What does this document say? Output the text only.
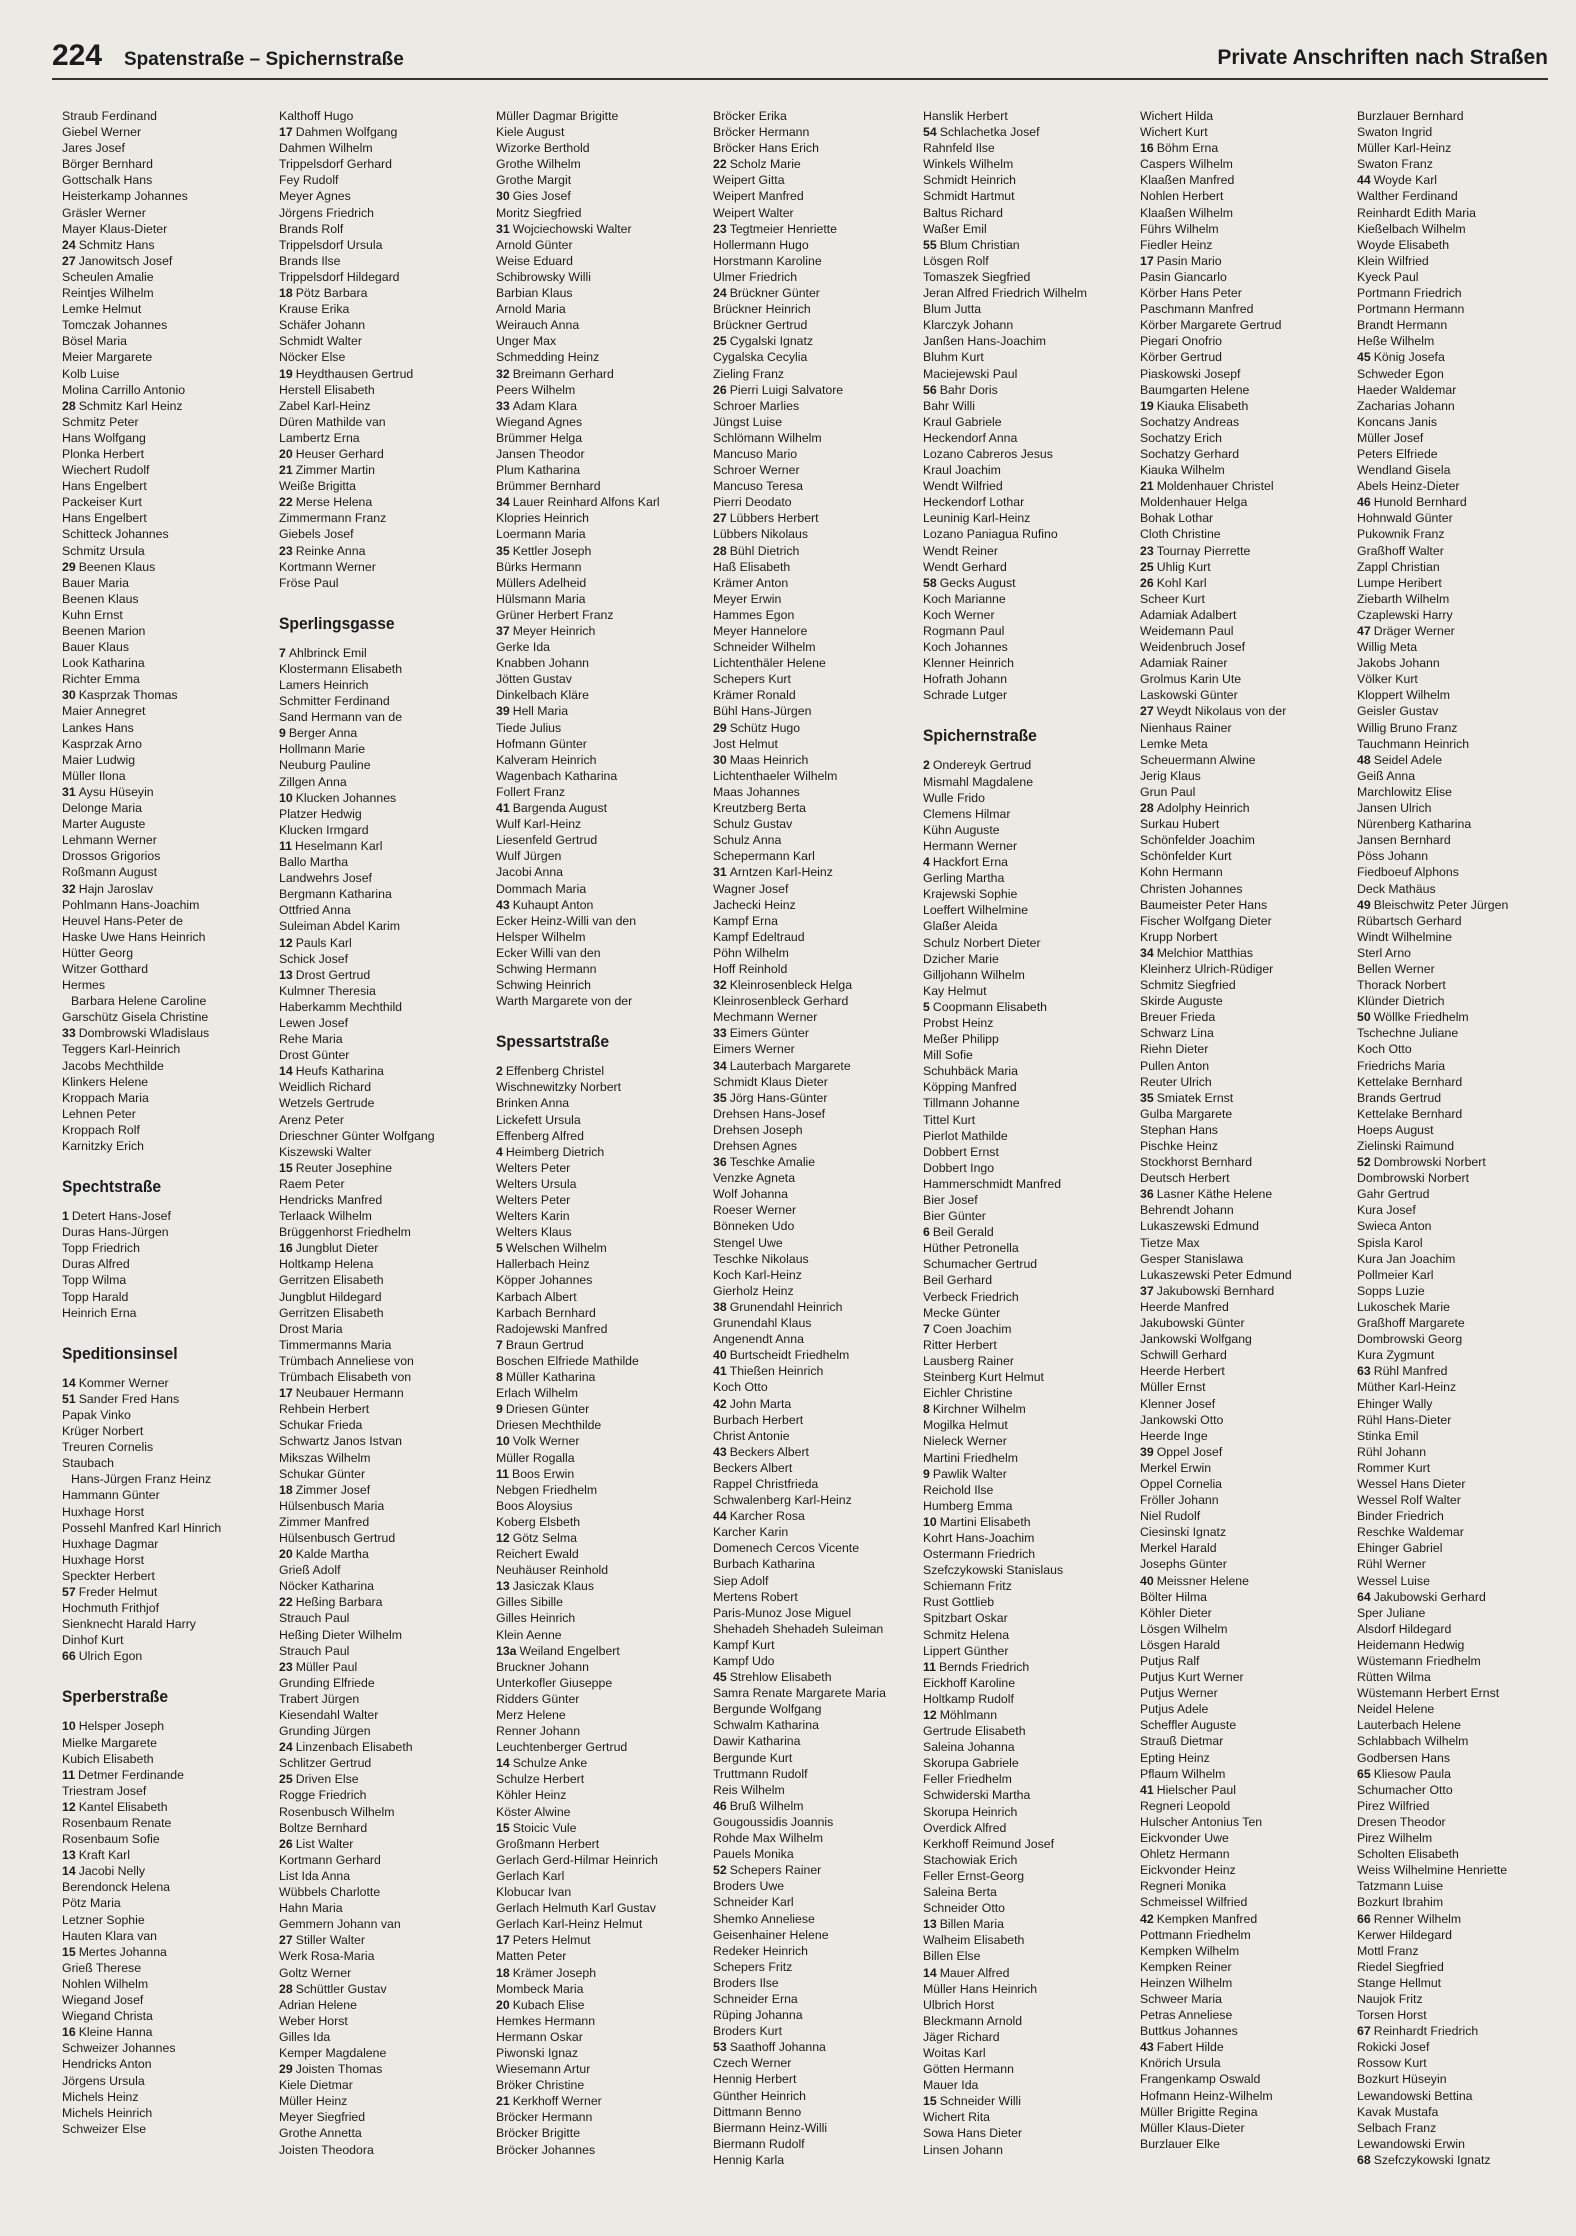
224 Spatenstraße – Spichernstraße	Private Anschriften nach Straßen
Straub Ferdinand
Giebel Werner
Jares Josef
Börger Bernhard
Gottschalk Hans
Heisterkamp Johannes
Gräsler Werner
Mayer Klaus-Dieter
24 Schmitz Hans
27 Janowitsch Josef
Scheulen Amalie
Reintjes Wilhelm
Lemke Helmut
Tomczak Johannes
Bösel Maria
Meier Margarete
Kolb Luise
Molina Carrillo Antonio
28 Schmitz Karl Heinz
Schmitz Peter
Hans Wolfgang
Plonka Herbert
Wiechert Rudolf
Hans Engelbert
Packeiser Kurt
Hans Engelbert
Schitteck Johannes
Schmitz Ursula
29 Beenen Klaus
Bauer Maria
Beenen Klaus
Kuhn Ernst
Beenen Marion
Bauer Klaus
Look Katharina
Richter Emma
30 Kasprzak Thomas
Maier Annegret
Lankes Hans
Kasprzak Arno
Maier Ludwig
Müller Ilona
31 Aysu Hüseyin
Delonge Maria
Marter Auguste
Lehmann Werner
Drossos Grigorios
Roßmann August
32 Hajn Jaroslav
Pohlmann Hans-Joachim
Heuvel Hans-Peter de
Haske Uwe Hans Heinrich
Hütter Georg
Witzer Gotthard
Hermes
Barbara Helene Caroline
Garschütz Gisela Christine
33 Dombrowski Wladislaus
Teggers Karl-Heinrich
Jacobs Mechthilde
Klinkers Helene
Kroppach Maria
Lehnen Peter
Kroppach Rolf
Karnitzky Erich
Spechtstraße
1 Detert Hans-Josef
Duras Hans-Jürgen
Topp Friedrich
Duras Alfred
Topp Wilma
Topp Harald
Heinrich Erna
Speditionsinsel
14 Kommer Werner
51 Sander Fred Hans
Papak Vinko
Krüger Norbert
Treuren Cornelis
Staubach
Hans-Jürgen Franz Heinz
Hammann Günter
Huxhage Horst
Possehl Manfred Karl Hinrich
Huxhage Dagmar
Huxhage Horst
Speckter Herbert
57 Freder Helmut
Hochmuth Frithjof
Sienknecht Harald Harry
Dinhof Kurt
66 Ulrich Egon
Sperberstraße
10 Helsper Joseph
Mielke Margarete
Kubich Elisabeth
11 Detmer Ferdinande
Triestram Josef
12 Kantel Elisabeth
Rosenbaum Renate
Rosenbaum Sofie
13 Kraft Karl
14 Jacobi Nelly
Berendonck Helena
Pötz Maria
Letzner Sophie
Hauten Klara van
15 Mertes Johanna
Grieß Therese
Nohlen Wilhelm
Wiegand Josef
Wiegand Christa
16 Kleine Hanna
Schweizer Johannes
Hendricks Anton
Jörgens Ursula
Michels Heinz
Michels Heinrich
Schweizer Else
Kalthoff Hugo
17 Dahmen Wolfgang
Dahmen Wilhelm
Trippelsdorf Gerhard
Fey Rudolf
Meyer Agnes
Jörgens Friedrich
Brands Rolf
Trippelsdorf Ursula
Brands Ilse
Trippelsdorf Hildegard
18 Pötz Barbara
Krause Erika
Schäfer Johann
Schmidt Walter
Nöcker Else
19 Heydthausen Gertrud
Herstell Elisabeth
Zabel Karl-Heinz
Düren Mathilde van
Lambertz Erna
20 Heuser Gerhard
21 Zimmer Martin
Weiße Brigitta
22 Merse Helena
Zimmermann Franz
Giebels Josef
23 Reinke Anna
Kortmann Werner
Fröse Paul
Sperlingsgasse
7 Ahlbrinck Emil
Klostermann Elisabeth
Lamers Heinrich
Schmitter Ferdinand
Sand Hermann van de
9 Berger Anna
Hollmann Marie
Neuburg Pauline
Zillgen Anna
10 Klucken Johannes
Platzer Hedwig
Klucken Irmgard
11 Heselmann Karl
Ballo Martha
Landwehrs Josef
Bergmann Katharina
Ottfried Anna
Suleiman Abdel Karim
12 Pauls Karl
Schick Josef
13 Drost Gertrud
Kulmner Theresia
Haberkamm Mechthild
Lewen Josef
Rehe Maria
Drost Günter
14 Heufs Katharina
Weidlich Richard
Wetzels Gertrude
Arenz Peter
Drieschner Günter Wolfgang
Kiszewski Walter
15 Reuter Josephine
Raem Peter
Hendricks Manfred
Terlaack Wilhelm
Brüggenhorst Friedhelm
16 Jungblut Dieter
Holtkamp Helena
Gerritzen Elisabeth
Jungblut Hildegard
Gerritzen Elisabeth
Drost Maria
Timmermanns Maria
Trümbach Anneliese von
Trümbach Elisabeth von
17 Neubauer Hermann
Rehbein Herbert
Schukar Frieda
Schwartz Janos Istvan
Mikszas Wilhelm
Schukar Günter
18 Zimmer Josef
Hülsenbusch Maria
Zimmer Manfred
Hülsenbusch Gertrud
20 Kalde Martha
Grieß Adolf
Nöcker Katharina
22 Heßing Barbara
Strauch Paul
Heßing Dieter Wilhelm
Strauch Paul
23 Müller Paul
Grunding Elfriede
Trabert Jürgen
Kiesendahl Walter
Grunding Jürgen
24 Linzenbach Elisabeth
Schlitzer Gertrud
25 Driven Else
Rogge Friedrich
Rosenbusch Wilhelm
Boltze Bernhard
26 List Walter
Kortmann Gerhard
List Ida Anna
Wübbels Charlotte
Hahn Maria
Gemmern Johann van
27 Stiller Walter
Werk Rosa-Maria
Goltz Werner
28 Schüttler Gustav
Adrian Helene
Weber Horst
Gilles Ida
Kemper Magdalene
29 Joisten Thomas
Kiele Dietmar
Müller Heinz
Meyer Siegfried
Grothe Annetta
Joisten Theodora
Müller Dagmar Brigitte
Kiele August
Wizorke Berthold
Grothe Wilhelm
Grothe Margit
30 Gies Josef
Moritz Siegfried
31 Wojciechowski Walter
Arnold Günter
Weise Eduard
Schibrowsky Willi
Barbian Klaus
Arnold Maria
Weirauch Anna
Unger Max
Schmedding Heinz
32 Breimann Gerhard
Peers Wilhelm
33 Adam Klara
Wiegand Agnes
Brümmer Helga
Jansen Theodor
Plum Katharina
Brümmer Bernhard
34 Lauer Reinhard Alfons Karl
Klopries Heinrich
Loermann Maria
35 Kettler Joseph
Bürks Hermann
Müllers Adelheid
Hülsmann Maria
Grüner Herbert Franz
37 Meyer Heinrich
Gerke Ida
Knabben Johann
Jötten Gustav
Dinkelbach Kläre
39 Hell Maria
Tiede Julius
Hofmann Günter
Kalveram Heinrich
Wagenbach Katharina
Follert Franz
41 Bargenda August
Wulf Karl-Heinz
Liesenfeld Gertrud
Wulf Jürgen
Jacobi Anna
Dommach Maria
43 Kuhaupt Anton
Ecker Heinz-Willi van den
Helsper Wilhelm
Ecker Willi van den
Schwing Hermann
Schwing Heinrich
Warth Margarete von der
Spessartstraße
2 Effenberg Christel
Wischnewitzky Norbert
Brinken Anna
Lickefett Ursula
Effenberg Alfred
4 Heimberg Dietrich
Welters Peter
Welters Ursula
Welters Peter
Welters Karin
Welters Klaus
5 Welschen Wilhelm
Hallerbach Heinz
Köpper Johannes
Karbach Albert
Karbach Bernhard
Radojewski Manfred
7 Braun Gertrud
Boschen Elfriede Mathilde
8 Müller Katharina
Erlach Wilhelm
9 Driesen Günter
Driesen Mechthilde
10 Volk Werner
Müller Rogalla
11 Boos Erwin
Nebgen Friedhelm
Boos Aloysius
Koberg Elsbeth
12 Götz Selma
Reichert Ewald
Neuhäuser Reinhold
13 Jasiczak Klaus
Gilles Sibille
Gilles Heinrich
Klein Aenne
13a Weiland Engelbert
Bruckner Johann
Unterkofler Giuseppe
Ridders Günter
Merz Helene
Renner Johann
Leuchtenberger Gertrud
14 Schulze Anke
Schulze Herbert
Köhler Heinz
Köster Alwine
15 Stoicic Vule
Großmann Herbert
Gerlach Gerd-Hilmar Heinrich
Gerlach Karl
Klobucar Ivan
Gerlach Helmuth Karl Gustav
Gerlach Karl-Heinz Helmut
17 Peters Helmut
Matten Peter
18 Krämer Joseph
Mombeck Maria
20 Kubach Elise
Hemkes Hermann
Hermann Oskar
Piwonski Ignaz
Wiesemann Artur
Bröker Christine
21 Kerkhoff Werner
Bröcker Hermann
Bröcker Brigitte
Bröcker Johannes
Bröcker Erika
Bröcker Hermann
Bröcker Hans Erich
22 Scholz Marie
Weipert Gitta
Weipert Manfred
Weipert Walter
23 Tegtmeier Henriette
Hollermann Hugo
Horstmann Karoline
Ulmer Friedrich
24 Brückner Günter
Brückner Heinrich
Brückner Gertrud
25 Cygalski Ignatz
Cygalska Cecylia
Zieling Franz
26 Pierri Luigi Salvatore
Schroer Marlies
Jüngst Luise
Schlömann Wilhelm
Mancuso Mario
Schroer Werner
Mancuso Teresa
Pierri Deodato
27 Lübbers Herbert
Lübbers Nikolaus
28 Bühl Dietrich
Haß Elisabeth
Krämer Anton
Meyer Erwin
Hammes Egon
Meyer Hannelore
Schneider Wilhelm
Lichtenthäler Helene
Schepers Kurt
Krämer Ronald
Bühl Hans-Jürgen
29 Schütz Hugo
Jost Helmut
30 Maas Heinrich
Lichtenthaeler Wilhelm
Maas Johannes
Kreutzberg Berta
Schulz Gustav
Schulz Anna
Schepermann Karl
31 Arntzen Karl-Heinz
Wagner Josef
Jachecki Heinz
Kampf Erna
Kampf Edeltraud
Pöhn Wilhelm
Hoff Reinhold
32 Kleinrosenbleck Helga
Kleinrosenbleck Gerhard
Mechmann Werner
33 Eimers Günter
Eimers Werner
34 Lauterbach Margarete
Schmidt Klaus Dieter
35 Jörg Hans-Günter
Drehsen Hans-Josef
Drehsen Joseph
Drehsen Agnes
36 Teschke Amalie
Venzke Agneta
Wolf Johanna
Roeser Werner
Bönneken Udo
Stengel Uwe
Teschke Nikolaus
Koch Karl-Heinz
Gierholz Heinz
38 Grunendahl Heinrich
Grunendahl Klaus
Angenendt Anna
40 Burtscheidt Friedhelm
41 Thießen Heinrich
Koch Otto
42 John Marta
Burbach Herbert
Christ Antonie
43 Beckers Albert
Beckers Albert
Rappel Christfrieda
Schwalenberg Karl-Heinz
44 Karcher Rosa
Karcher Karin
Domenech Cercos Vicente
Burbach Katharina
Siep Adolf
Mertens Robert
Paris-Munoz Jose Miguel
Shehadeh Shehadeh Suleiman
Kampf Kurt
Kampf Udo
45 Strehlow Elisabeth
Samra Renate Margarete Maria
Bergunde Wolfgang
Schwalm Katharina
Dawir Katharina
Bergunde Kurt
Truttmann Rudolf
Reis Wilhelm
46 Bruß Wilhelm
Gougoussidis Joannis
Rohde Max Wilhelm
Pauels Monika
52 Schepers Rainer
Broders Uwe
Schneider Karl
Shemko Anneliese
Geisenhainer Helene
Redeker Heinrich
Schepers Fritz
Broders Ilse
Schneider Erna
Rüping Johanna
Broders Kurt
53 Saathoff Johanna
Czech Werner
Hennig Herbert
Günther Heinrich
Dittmann Benno
Biermann Heinz-Willi
Biermann Rudolf
Hennig Karla
Hanslik Herbert
54 Schlachetka Josef
Rahnfeld Ilse
Winkels Wilhelm
Schmidt Heinrich
Schmidt Hartmut
Baltus Richard
Waßer Emil
55 Blum Christian
Lösgen Rolf
Tomaszek Siegfried
Jeran Alfred Friedrich Wilhelm
Blum Jutta
Klarczyk Johann
Janßen Hans-Joachim
Bluhm Kurt
Maciejewski Paul
56 Bahr Doris
Bahr Willi
Kraul Gabriele
Heckendorf Anna
Lozano Cabreros Jesus
Kraul Joachim
Wendt Wilfried
Heckendorf Lothar
Leuninig Karl-Heinz
Lozano Paniagua Rufino
Wendt Reiner
Wendt Gerhard
58 Gecks August
Koch Marianne
Koch Werner
Rogmann Paul
Koch Johannes
Klenner Heinrich
Hofrath Johann
Schrade Lutger
Spichernstraße
2 Ondereyk Gertrud
Mismahl Magdalene
Wulle Frido
Clemens Hilmar
Kühn Auguste
Hermann Werner
4 Hackfort Erna
Gerling Martha
Krajewski Sophie
Loeffert Wilhelmine
Glaßer Aleida
Schulz Norbert Dieter
Dzicher Marie
Gilljohann Wilhelm
Kay Helmut
5 Coopmann Elisabeth
Probst Heinz
Meßer Philipp
Mill Sofie
Schuhbäck Maria
Köpping Manfred
Tillmann Johanne
Tittel Kurt
Pierlot Mathilde
Dobbert Ernst
Dobbert Ingo
Hammerschmidt Manfred
Bier Josef
Bier Günter
6 Beil Gerald
Hüther Petronella
Schumacher Gertrud
Beil Gerhard
Verbeck Friedrich
Mecke Günter
7 Coen Joachim
Ritter Herbert
Lausberg Rainer
Steinberg Kurt Helmut
Eichler Christine
8 Kirchner Wilhelm
Mogilka Helmut
Nieleck Werner
Martini Friedhelm
9 Pawlik Walter
Reichold Ilse
Humberg Emma
10 Martini Elisabeth
Kohrt Hans-Joachim
Ostermann Friedrich
Szefczykowski Stanislaus
Schiemann Fritz
Rust Gottlieb
Spitzbart Oskar
Schmitz Helena
Lippert Günther
11 Bernds Friedrich
Eickhoff Karoline
Holtkamp Rudolf
12 Möhlmann
Gertrude Elisabeth
Saleina Johanna
Skorupa Gabriele
Feller Friedhelm
Schwiderski Martha
Skorupa Heinrich
Overdick Alfred
Kerkhoff Reimund Josef
Stachowiak Erich
Feller Ernst-Georg
Saleina Berta
Schneider Otto
13 Billen Maria
Walheim Elisabeth
Billen Else
14 Mauer Alfred
Müller Hans Heinrich
Ulbrich Horst
Bleckmann Arnold
Jäger Richard
Woitas Karl
Götten Hermann
Mauer Ida
15 Schneider Willi
Wichert Rita
Sowa Hans Dieter
Linsen Johann
Wichert Hilda
Wichert Kurt
16 Böhm Erna
Caspers Wilhelm
Klaaßen Manfred
Nohlen Herbert
Klaaßen Wilhelm
Führs Wilhelm
Fiedler Heinz
17 Pasin Mario
Pasin Giancarlo
Körber Hans Peter
Paschmann Manfred
Körber Margarete Gertrud
Piegari Onofrio
Körber Gertrud
Piaskowski Josepf
Baumgarten Helene
19 Kiauka Elisabeth
Sochatzy Andreas
Sochatzy Erich
Sochatzy Gerhard
Kiauka Wilhelm
21 Moldenhauer Christel
Moldenhauer Helga
Bohak Lothar
Cloth Christine
23 Tournay Pierrette
25 Uhlig Kurt
26 Kohl Karl
Scheer Kurt
Adamiak Adalbert
Weidemann Paul
Weidenbruch Josef
Adamiak Rainer
Grolmus Karin Ute
Laskowski Günter
27 Weydt Nikolaus von der
Nienhaus Rainer
Lemke Meta
Scheuermann Alwine
Jerig Klaus
Grun Paul
28 Adolphy Heinrich
Surkau Hubert
Schönfelder Joachim
Schönfelder Kurt
Kohn Hermann
Christen Johannes
Baumeister Peter Hans
Fischer Wolfgang Dieter
Krupp Norbert
34 Melchior Matthias
Kleinherz Ulrich-Rüdiger
Schmitz Siegfried
Skirde Auguste
Breuer Frieda
Schwarz Lina
Riehn Dieter
Pullen Anton
Reuter Ulrich
35 Smiatek Ernst
Gulba Margarete
Stephan Hans
Pischke Heinz
Stockhorst Bernhard
Deutsch Herbert
36 Lasner Käthe Helene
Behrendt Johann
Lukaszewski Edmund
Tietze Max
Gesper Stanislawa
Lukaszewski Peter Edmund
37 Jakubowski Bernhard
Heerde Manfred
Jakubowski Günter
Jankowski Wolfgang
Schwill Gerhard
Heerde Herbert
Müller Ernst
Klenner Josef
Jankowski Otto
Heerde Inge
39 Oppel Josef
Merkel Erwin
Oppel Cornelia
Fröller Johann
Niel Rudolf
Ciesinski Ignatz
Merkel Harald
Josephs Günter
40 Meissner Helene
Bölter Hilma
Köhler Dieter
Lösgen Wilhelm
Lösgen Harald
Putjus Ralf
Putjus Kurt Werner
Putjus Werner
Putjus Adele
Scheffler Auguste
Strauß Dietmar
Epting Heinz
Pflaum Wilhelm
41 Hielscher Paul
Regneri Leopold
Hulscher Antonius Ten
Eickvonder Uwe
Ohletz Hermann
Eickvonder Heinz
Regneri Monika
Schmeissel Wilfried
42 Kempken Manfred
Pottmann Friedhelm
Kempken Wilhelm
Kempken Reiner
Heinzen Wilhelm
Schweer Maria
Petras Anneliese
Buttkus Johannes
43 Fabert Hilde
Knörich Ursula
Frangenkamp Oswald
Hofmann Heinz-Wilhelm
Müller Brigitte Regina
Müller Klaus-Dieter
Burzlauer Elke
Burzlauer Bernhard
Swaton Ingrid
Müller Karl-Heinz
Swaton Franz
44 Woyde Karl
Walther Ferdinand
Reinhardt Edith Maria
Kießelbach Wilhelm
Woyde Elisabeth
Klein Wilfried
Kyeck Paul
Portmann Friedrich
Portmann Hermann
Brandt Hermann
Heße Wilhelm
45 König Josefa
Schweder Egon
Haeder Waldemar
Zacharias Johann
Koncans Janis
Müller Josef
Peters Elfriede
Wendland Gisela
Abels Heinz-Dieter
46 Hunold Bernhard
Hohnwald Günter
Pukownik Franz
Graßhoff Walter
Zappl Christian
Lumpe Heribert
Ziebarth Wilhelm
Czaplewski Harry
47 Dräger Werner
Willig Meta
Jakobs Johann
Völker Kurt
Kloppert Wilhelm
Geisler Gustav
Willig Bruno Franz
Tauchmann Heinrich
48 Seidel Adele
Geiß Anna
Marchlowitz Elise
Jansen Ulrich
Nürenberg Katharina
Jansen Bernhard
Pöss Johann
Fiedboeuf Alphons
Deck Mathäus
49 Bleischwitz Peter Jürgen
Rübartsch Gerhard
Windt Wilhelmine
Sterl Arno
Bellen Werner
Thorack Norbert
Klünder Dietrich
50 Wöllke Friedhelm
Tschechne Juliane
Koch Otto
Friedrichs Maria
Kettelake Bernhard
Brands Gertrud
Kettelake Bernhard
Hoeps August
Zielinski Raimund
52 Dombrowski Norbert
Dombrowski Norbert
Gahr Gertrud
Kura Josef
Swieca Anton
Spisla Karol
Kura Jan Joachim
Pollmeier Karl
Sopps Luzie
Lukoschek Marie
Graßhoff Margarete
Dombrowski Georg
Kura Zygmunt
63 Rühl Manfred
Müther Karl-Heinz
Ehinger Wally
Rühl Hans-Dieter
Stinka Emil
Rühl Johann
Rommer Kurt
Wessel Hans Dieter
Wessel Rolf Walter
Binder Friedrich
Reschke Waldemar
Ehinger Gabriel
Rühl Werner
Wessel Luise
64 Jakubowski Gerhard
Sper Juliane
Alsdorf Hildegard
Heidemann Hedwig
Wüstemann Friedhelm
Rütten Wilma
Wüstemann Herbert Ernst
Neidel Helene
Lauterbach Helene
Schlabbach Wilhelm
Godbersen Hans
65 Kliesow Paula
Schumacher Otto
Pirez Wilfried
Dresen Theodor
Pirez Wilhelm
Scholten Elisabeth
Weiss Wilhelmine Henriette
Tatzmann Luise
Bozkurt Ibrahim
66 Renner Wilhelm
Kerwer Hildegard
Mottl Franz
Riedel Siegfried
Stange Hellmut
Naujok Fritz
Torsen Horst
67 Reinhardt Friedrich
Rokicki Josef
Rossow Kurt
Bozkurt Hüseyin
Lewandowski Bettina
Kavak Mustafa
Selbach Franz
Lewandowski Erwin
68 Szefczykowski Ignatz
